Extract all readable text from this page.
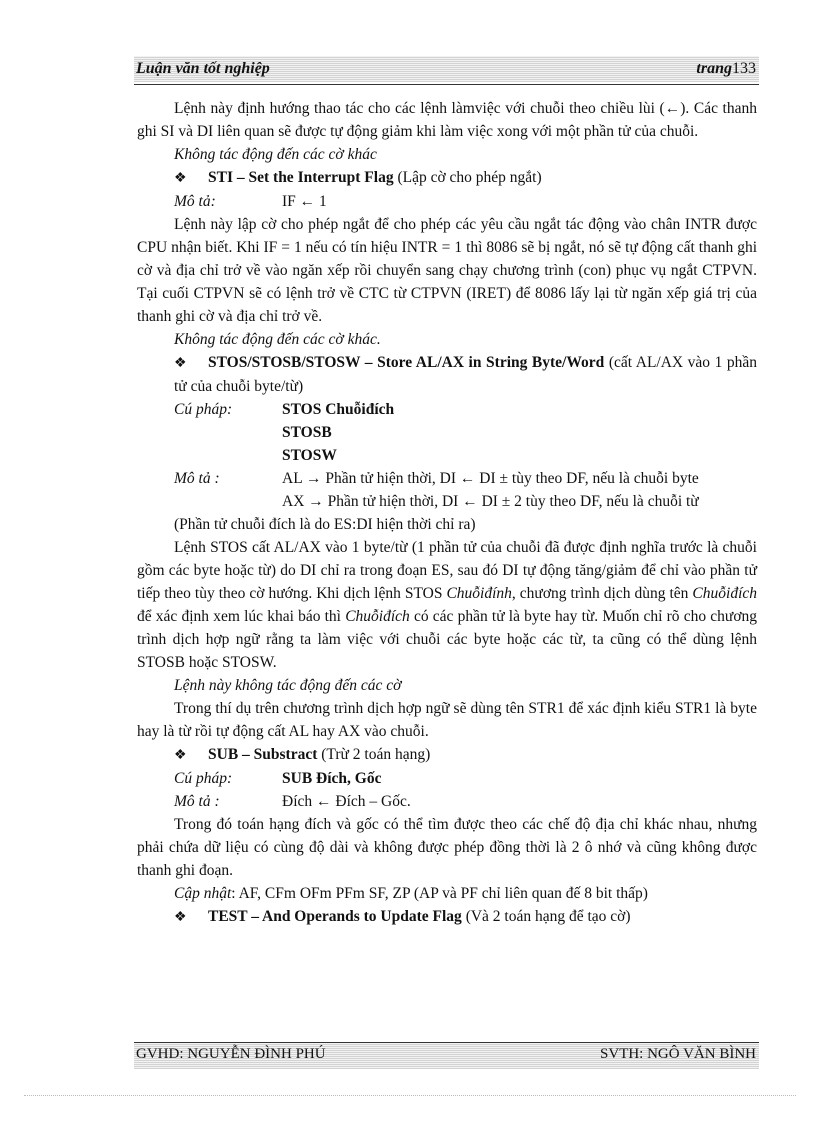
Luận văn tốt nghiệp	trang133

Lệnh này định hướng thao tác cho các lệnh làmviệc với chuỗi theo chiều lùi (←). Các thanh ghi SI và DI liên quan sẽ được tự động giảm khi làm việc xong với một phần tử của chuỗi.

Không tác động đến các cờ khác

❖ STI – Set the Interrupt Flag (Lập cờ cho phép ngắt)

Mô tả:	IF ← 1

Lệnh này lập cờ cho phép ngắt để cho phép các yêu cầu ngắt tác động vào chân INTR được CPU nhận biết. Khi IF = 1 nếu có tín hiệu INTR = 1 thì 8086 sẽ bị ngắt, nó sẽ tự động cất thanh ghi cờ và địa chỉ trở về vào ngăn xếp rồi chuyển sang chạy chương trình (con) phục vụ ngắt CTPVN. Tại cuối CTPVN sẽ có lệnh trở về CTC từ CTPVN (IRET) để 8086 lấy lại từ ngăn xếp giá trị của thanh ghi cờ và địa chỉ trở về.

Không tác động đến các cờ khác.

❖ STOS/STOSB/STOSW – Store AL/AX in String Byte/Word (cất AL/AX vào 1 phần tử của chuỗi byte/từ)

Cú pháp:	STOS Chuỗiđích
STOSB
STOSW
Mô tả :	AL → Phần tử hiện thời, DI ← DI ± tùy theo DF, nếu là chuỗi byte
AX → Phần tử hiện thời, DI ← DI ± 2 tùy theo DF, nếu là chuỗi từ

(Phần tử chuỗi đích là do ES:DI hiện thời chỉ ra)

Lệnh STOS cất AL/AX vào 1 byte/từ (1 phần tử của chuỗi đã được định nghĩa trước là chuỗi gồm các byte hoặc từ) do DI chỉ ra trong đoạn ES, sau đó DI tự động tăng/giảm để chỉ vào phần tử tiếp theo tùy theo cờ hướng. Khi dịch lệnh STOS Chuỗiđính, chương trình dịch dùng tên Chuỗiđích để xác định xem lúc khai báo thì Chuỗiđích có các phần tử là byte hay từ. Muốn chỉ rõ cho chương trình dịch hợp ngữ rằng ta làm việc với chuỗi các byte hoặc các từ, ta cũng có thể dùng lệnh STOSB hoặc STOSW.

Lệnh này không tác động đến các cờ

Trong thí dụ trên chương trình dịch hợp ngữ sẽ dùng tên STR1 để xác định kiểu STR1 là byte hay là từ rồi tự động cất AL hay AX vào chuỗi.

❖ SUB – Substract (Trừ 2 toán hạng)

Cú pháp:	SUB Đích, Gốc
Mô tả :	Đích ← Đích – Gốc.

Trong đó toán hạng đích và gốc có thể tìm được theo các chế độ địa chỉ khác nhau, nhưng phải chứa dữ liệu có cùng độ dài và không được phép đồng thời là 2 ô nhớ và cũng không được thanh ghi đoạn.

Cập nhật: AF, CFm OFm PFm SF, ZP (AP và PF chỉ liên quan đế 8 bit thấp)

❖ TEST – And Operands to Update Flag (Và 2 toán hạng để tạo cờ)

GVHD: NGUYỄN ĐÌNH PHÚ	SVTH: NGÔ VĂN BÌNH
